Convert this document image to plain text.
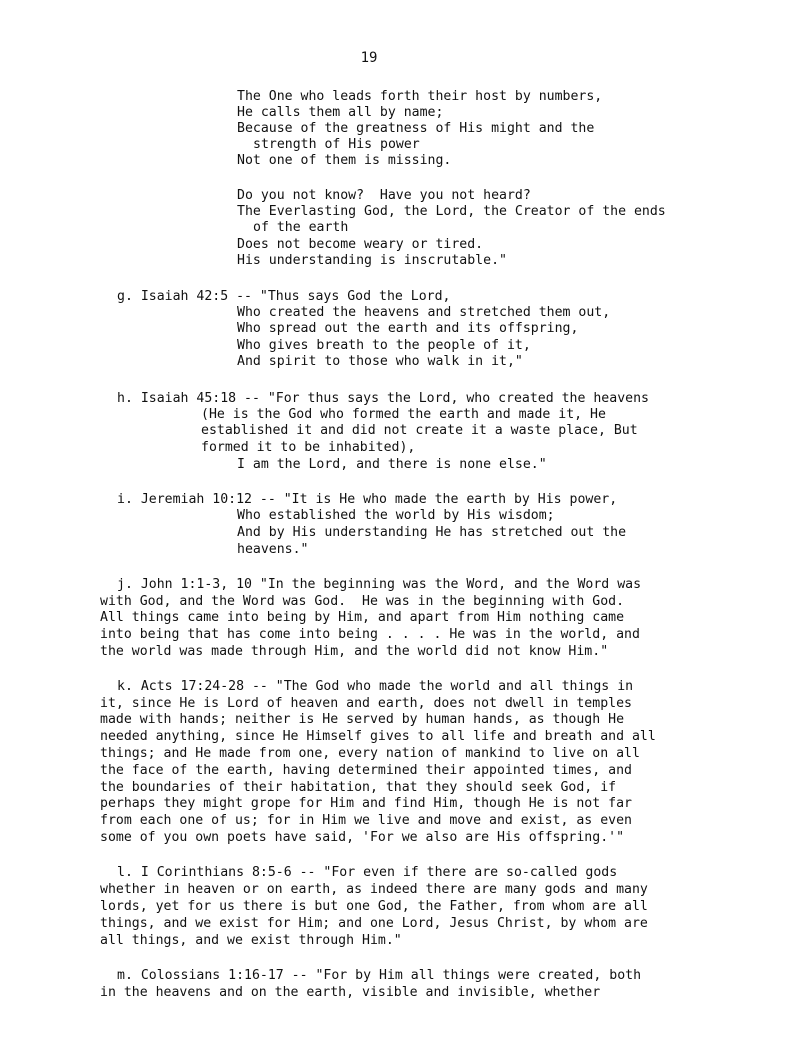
19
The One who leads forth their host by numbers,
He calls them all by name;
Because of the greatness of His might and the
strength of His power
Not one of them is missing.
Do you not know?  Have you not heard?
The Everlasting God, the Lord, the Creator of the ends
of the earth
Does not become weary or tired.
His understanding is inscrutable."
g. Isaiah 42:5 -- "Thus says God the Lord,
Who created the heavens and stretched them out,
Who spread out the earth and its offspring,
Who gives breath to the people of it,
And spirit to those who walk in it,"
h. Isaiah 45:18 -- "For thus says the Lord, who created the heavens
(He is the God who formed the earth and made it, He
established it and did not create it a waste place, But
formed it to be inhabited),
I am the Lord, and there is none else."
i. Jeremiah 10:12 -- "It is He who made the earth by His power,
Who established the world by His wisdom;
And by His understanding He has stretched out the
heavens."
j. John 1:1-3, 10 "In the beginning was the Word, and the Word was
with God, and the Word was God.  He was in the beginning with God.
All things came into being by Him, and apart from Him nothing came
into being that has come into being . . . . He was in the world, and
the world was made through Him, and the world did not know Him."
k. Acts 17:24-28 -- "The God who made the world and all things in
it, since He is Lord of heaven and earth, does not dwell in temples
made with hands; neither is He served by human hands, as though He
needed anything, since He Himself gives to all life and breath and all
things; and He made from one, every nation of mankind to live on all
the face of the earth, having determined their appointed times, and
the boundaries of their habitation, that they should seek God, if
perhaps they might grope for Him and find Him, though He is not far
from each one of us; for in Him we live and move and exist, as even
some of you own poets have said, 'For we also are His offspring.'"
l. I Corinthians 8:5-6 -- "For even if there are so-called gods
whether in heaven or on earth, as indeed there are many gods and many
lords, yet for us there is but one God, the Father, from whom are all
things, and we exist for Him; and one Lord, Jesus Christ, by whom are
all things, and we exist through Him."
m. Colossians 1:16-17 -- "For by Him all things were created, both
in the heavens and on the earth, visible and invisible, whether
